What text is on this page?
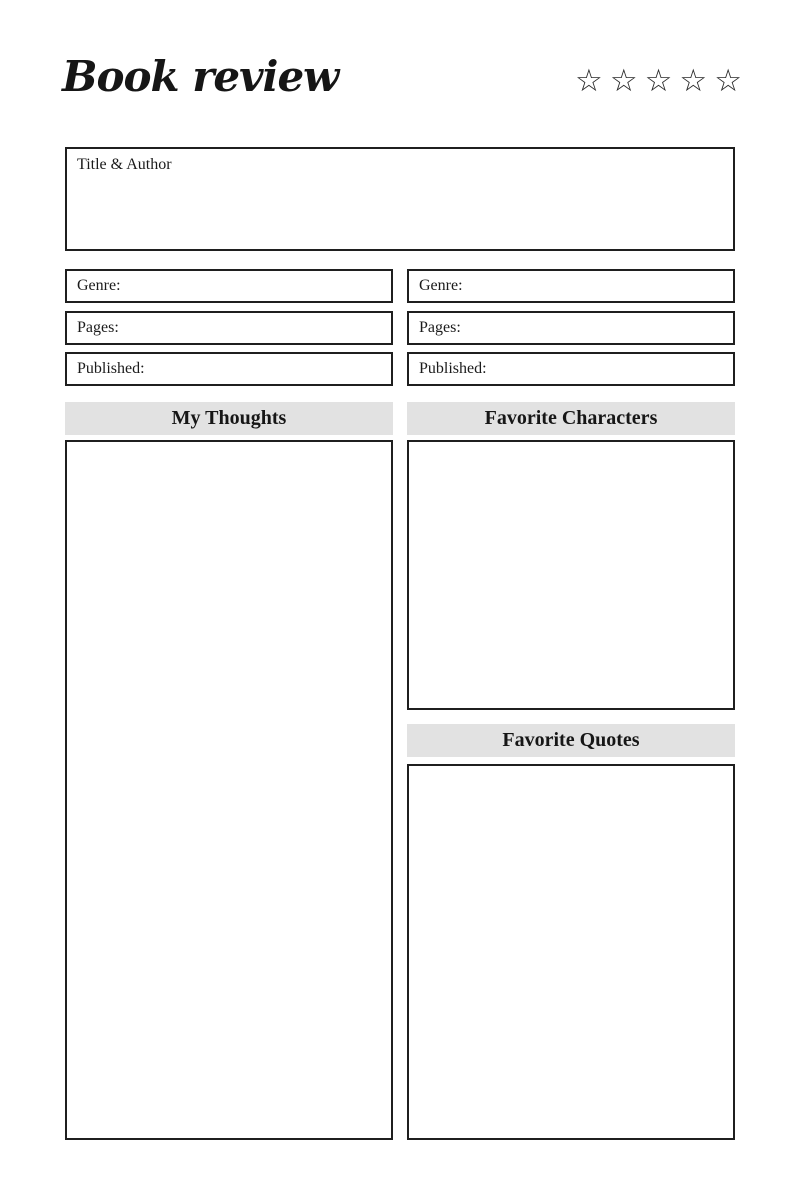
Book review	☆ ☆ ☆ ☆ ☆
Title & Author
Genre:
Pages:
Published:
Genre:
Pages:
Published:
My Thoughts	Favorite Characters
Favorite Quotes
